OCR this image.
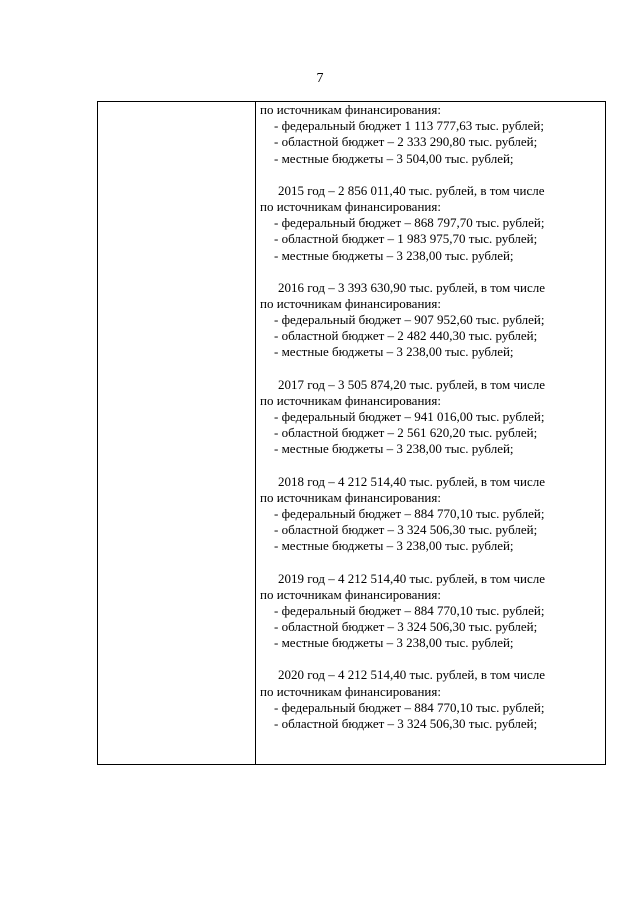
7
по источникам финансирования:
- федеральный бюджет 1 113 777,63 тыс. рублей;
- областной бюджет – 2 333 290,80 тыс. рублей;
- местные бюджеты – 3 504,00 тыс. рублей;
2015 год – 2 856 011,40 тыс. рублей, в том числе
по источникам финансирования:
- федеральный бюджет – 868 797,70 тыс. рублей;
- областной бюджет – 1 983 975,70 тыс. рублей;
- местные бюджеты – 3 238,00 тыс. рублей;
2016 год – 3 393 630,90 тыс. рублей, в том числе
по источникам финансирования:
- федеральный бюджет – 907 952,60 тыс. рублей;
- областной бюджет – 2 482 440,30 тыс. рублей;
- местные бюджеты – 3 238,00 тыс. рублей;
2017 год – 3 505 874,20 тыс. рублей, в том числе
по источникам финансирования:
- федеральный бюджет – 941 016,00 тыс. рублей;
- областной бюджет – 2 561 620,20 тыс. рублей;
- местные бюджеты – 3 238,00 тыс. рублей;
2018 год – 4 212 514,40 тыс. рублей, в том числе
по источникам финансирования:
- федеральный бюджет – 884 770,10 тыс. рублей;
- областной бюджет – 3 324 506,30 тыс. рублей;
- местные бюджеты – 3 238,00 тыс. рублей;
2019 год – 4 212 514,40 тыс. рублей, в том числе
по источникам финансирования:
- федеральный бюджет – 884 770,10 тыс. рублей;
- областной бюджет – 3 324 506,30 тыс. рублей;
- местные бюджеты – 3 238,00 тыс. рублей;
2020 год – 4 212 514,40 тыс. рублей, в том числе
по источникам финансирования:
- федеральный бюджет – 884 770,10 тыс. рублей;
- областной бюджет – 3 324 506,30 тыс. рублей;
